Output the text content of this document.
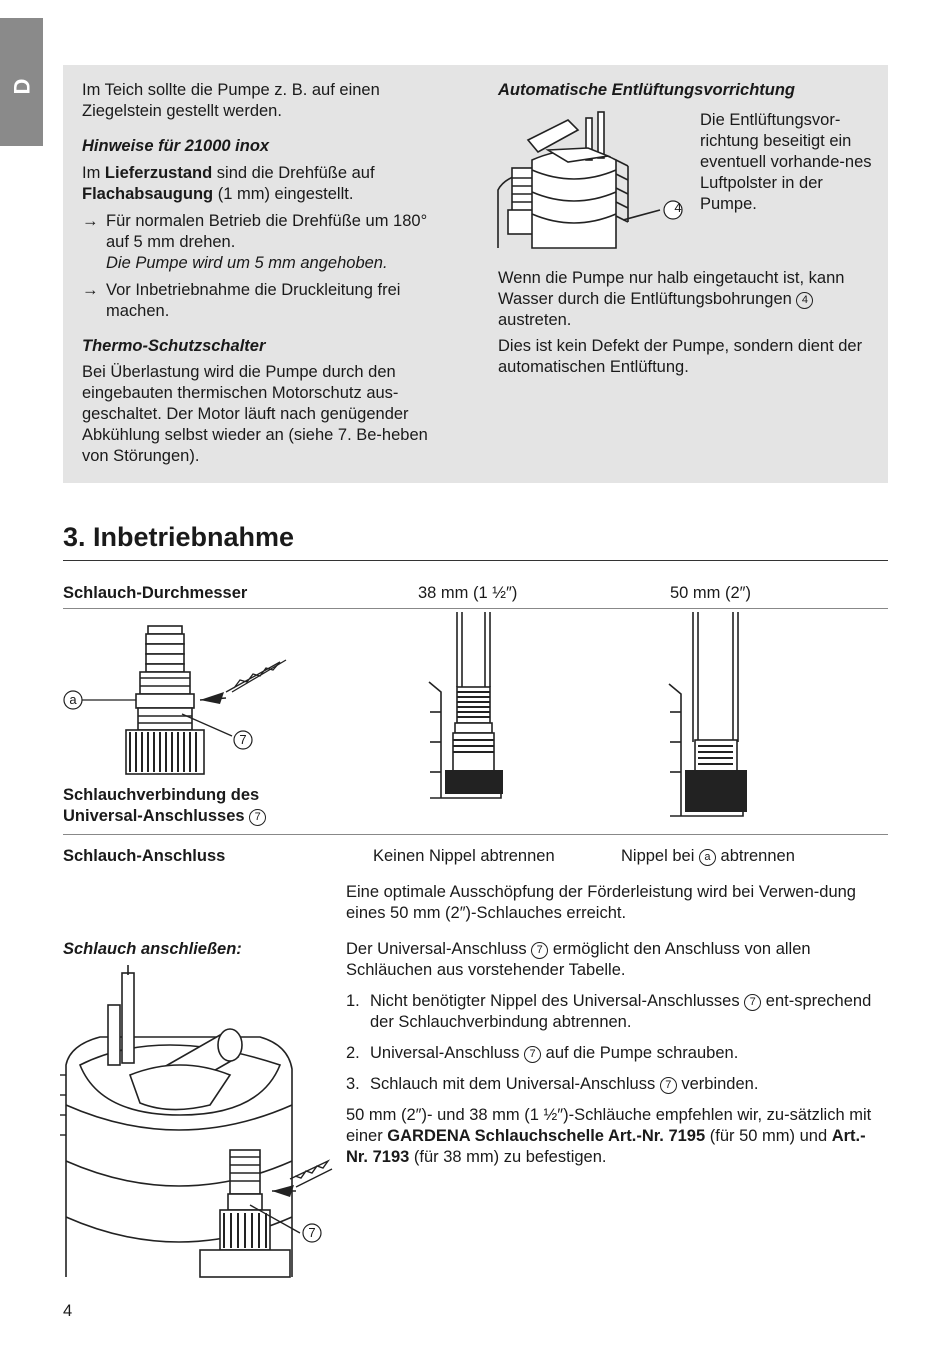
D	Im Teich sollte die Pumpe z. B. auf einen Ziegelstein gestellt werden.

Hinweise für 21000 inox

Im Lieferzustand sind die Drehfüße auf Flachabsaugung (1 mm) eingestellt.

→ Für normalen Betrieb die Drehfüße um 180° auf 5 mm drehen.

Die Pumpe wird um 5 mm angehoben.

→ Vor Inbetriebnahme die Druckleitung frei machen.

Thermo-Schutzschalter

Bei Überlastung wird die Pumpe durch den eingebauten thermischen Motorschutz aus-geschaltet. Der Motor läuft nach genügender Abkühlung selbst wieder an (siehe 7. Be-heben von Störungen).

Automatische Entlüftungsvorrichtung

4
Die Entlüftungsvor-richtung beseitigt ein eventuell vorhande-nes Luftpolster in der Pumpe.

Wenn die Pumpe nur halb eingetaucht ist, kann Wasser durch die Entlüftungsbohrungen 4 austreten.

Dies ist kein Defekt der Pumpe, sondern dient der automatischen Entlüftung.

3. Inbetriebnahme
Schlauch-Durchmesser	38 mm (1 ½″)	50 mm (2″)
a
7

Schlauchverbindung des

Universal-Anschlusses 7

Schlauch-Anschluss	Keinen Nippel abtrennen	Nippel bei a abtrennen
Eine optimale Ausschöpfung der Förderleistung wird bei Verwen-dung eines 50 mm (2″)-Schlauches erreicht.
Schlauch anschließen:	Der Universal-Anschluss 7 ermöglicht den Anschluss von allen Schläuchen aus vorstehender Tabelle.

1. Nicht benötigter Nippel des Universal-Anschlusses 7 ent-sprechend der Schlauchverbindung abtrennen.

2. Universal-Anschluss 7 auf die Pumpe schrauben.

3. Schlauch mit dem Universal-Anschluss 7 verbinden.

50 mm (2″)- und 38 mm (1 ½″)-Schläuche empfehlen wir, zu-sätzlich mit einer GARDENA Schlauchschelle Art.-Nr. 7195 (für 50 mm) und Art.-Nr. 7193 (für 38 mm) zu befestigen.

7
4
